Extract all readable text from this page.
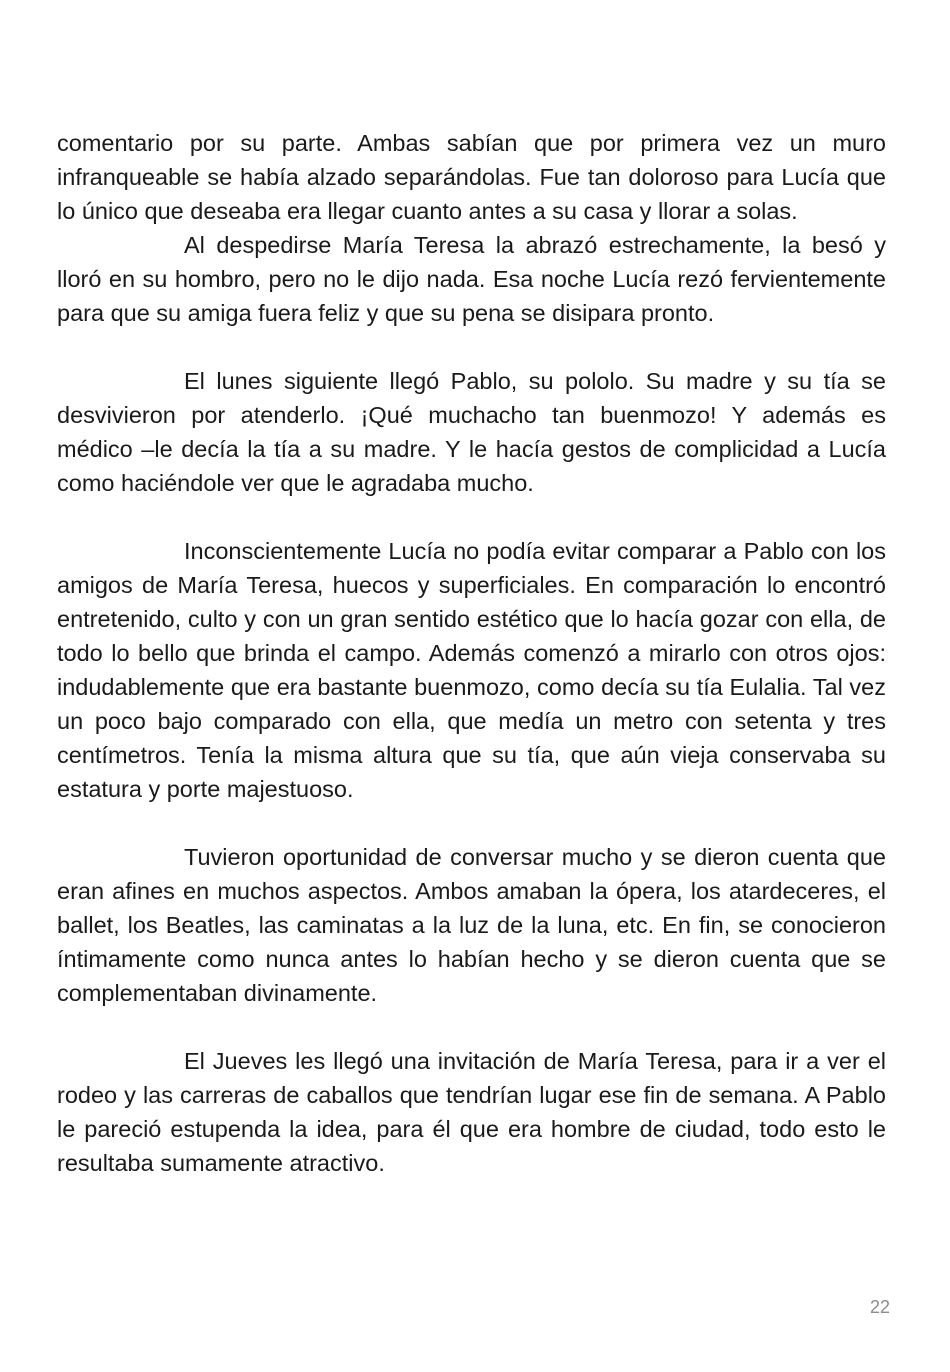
comentario por su parte. Ambas sabían que por primera vez un muro infranqueable se había alzado separándolas. Fue tan doloroso para Lucía que lo único que deseaba era llegar cuanto antes a su casa y llorar a solas.

Al despedirse María Teresa la abrazó estrechamente, la besó y lloró en su hombro, pero no le dijo nada. Esa noche Lucía rezó fervientemente para que su amiga fuera feliz y que su pena se disipara pronto.

El lunes siguiente llegó Pablo, su pololo. Su madre y su tía se desvivieron por atenderlo. ¡Qué muchacho tan buenmozo! Y además es médico –le decía la tía a su madre. Y le hacía gestos de complicidad a Lucía como haciéndole ver que le agradaba mucho.

Inconscientemente Lucía no podía evitar comparar a Pablo con los amigos de María Teresa, huecos y superficiales. En comparación lo encontró entretenido, culto y con un gran sentido estético que lo hacía gozar con ella, de todo lo bello que brinda el campo. Además comenzó a mirarlo con otros ojos: indudablemente que era bastante buenmozo, como decía su tía Eulalia. Tal vez un poco bajo comparado con ella, que medía un metro con setenta y tres centímetros. Tenía la misma altura que su tía, que aún vieja conservaba su estatura y porte majestuoso.

Tuvieron oportunidad de conversar mucho y se dieron cuenta que eran afines en muchos aspectos. Ambos amaban la ópera, los atardeceres, el ballet, los Beatles, las caminatas a la luz de la luna, etc. En fin, se conocieron íntimamente como nunca antes lo habían hecho y se dieron cuenta que se complementaban divinamente.

El Jueves les llegó una invitación de María Teresa, para ir a ver el rodeo y las carreras de caballos que tendrían lugar ese fin de semana. A Pablo le pareció estupenda la idea, para él que era hombre de ciudad, todo esto le resultaba sumamente atractivo.

22
